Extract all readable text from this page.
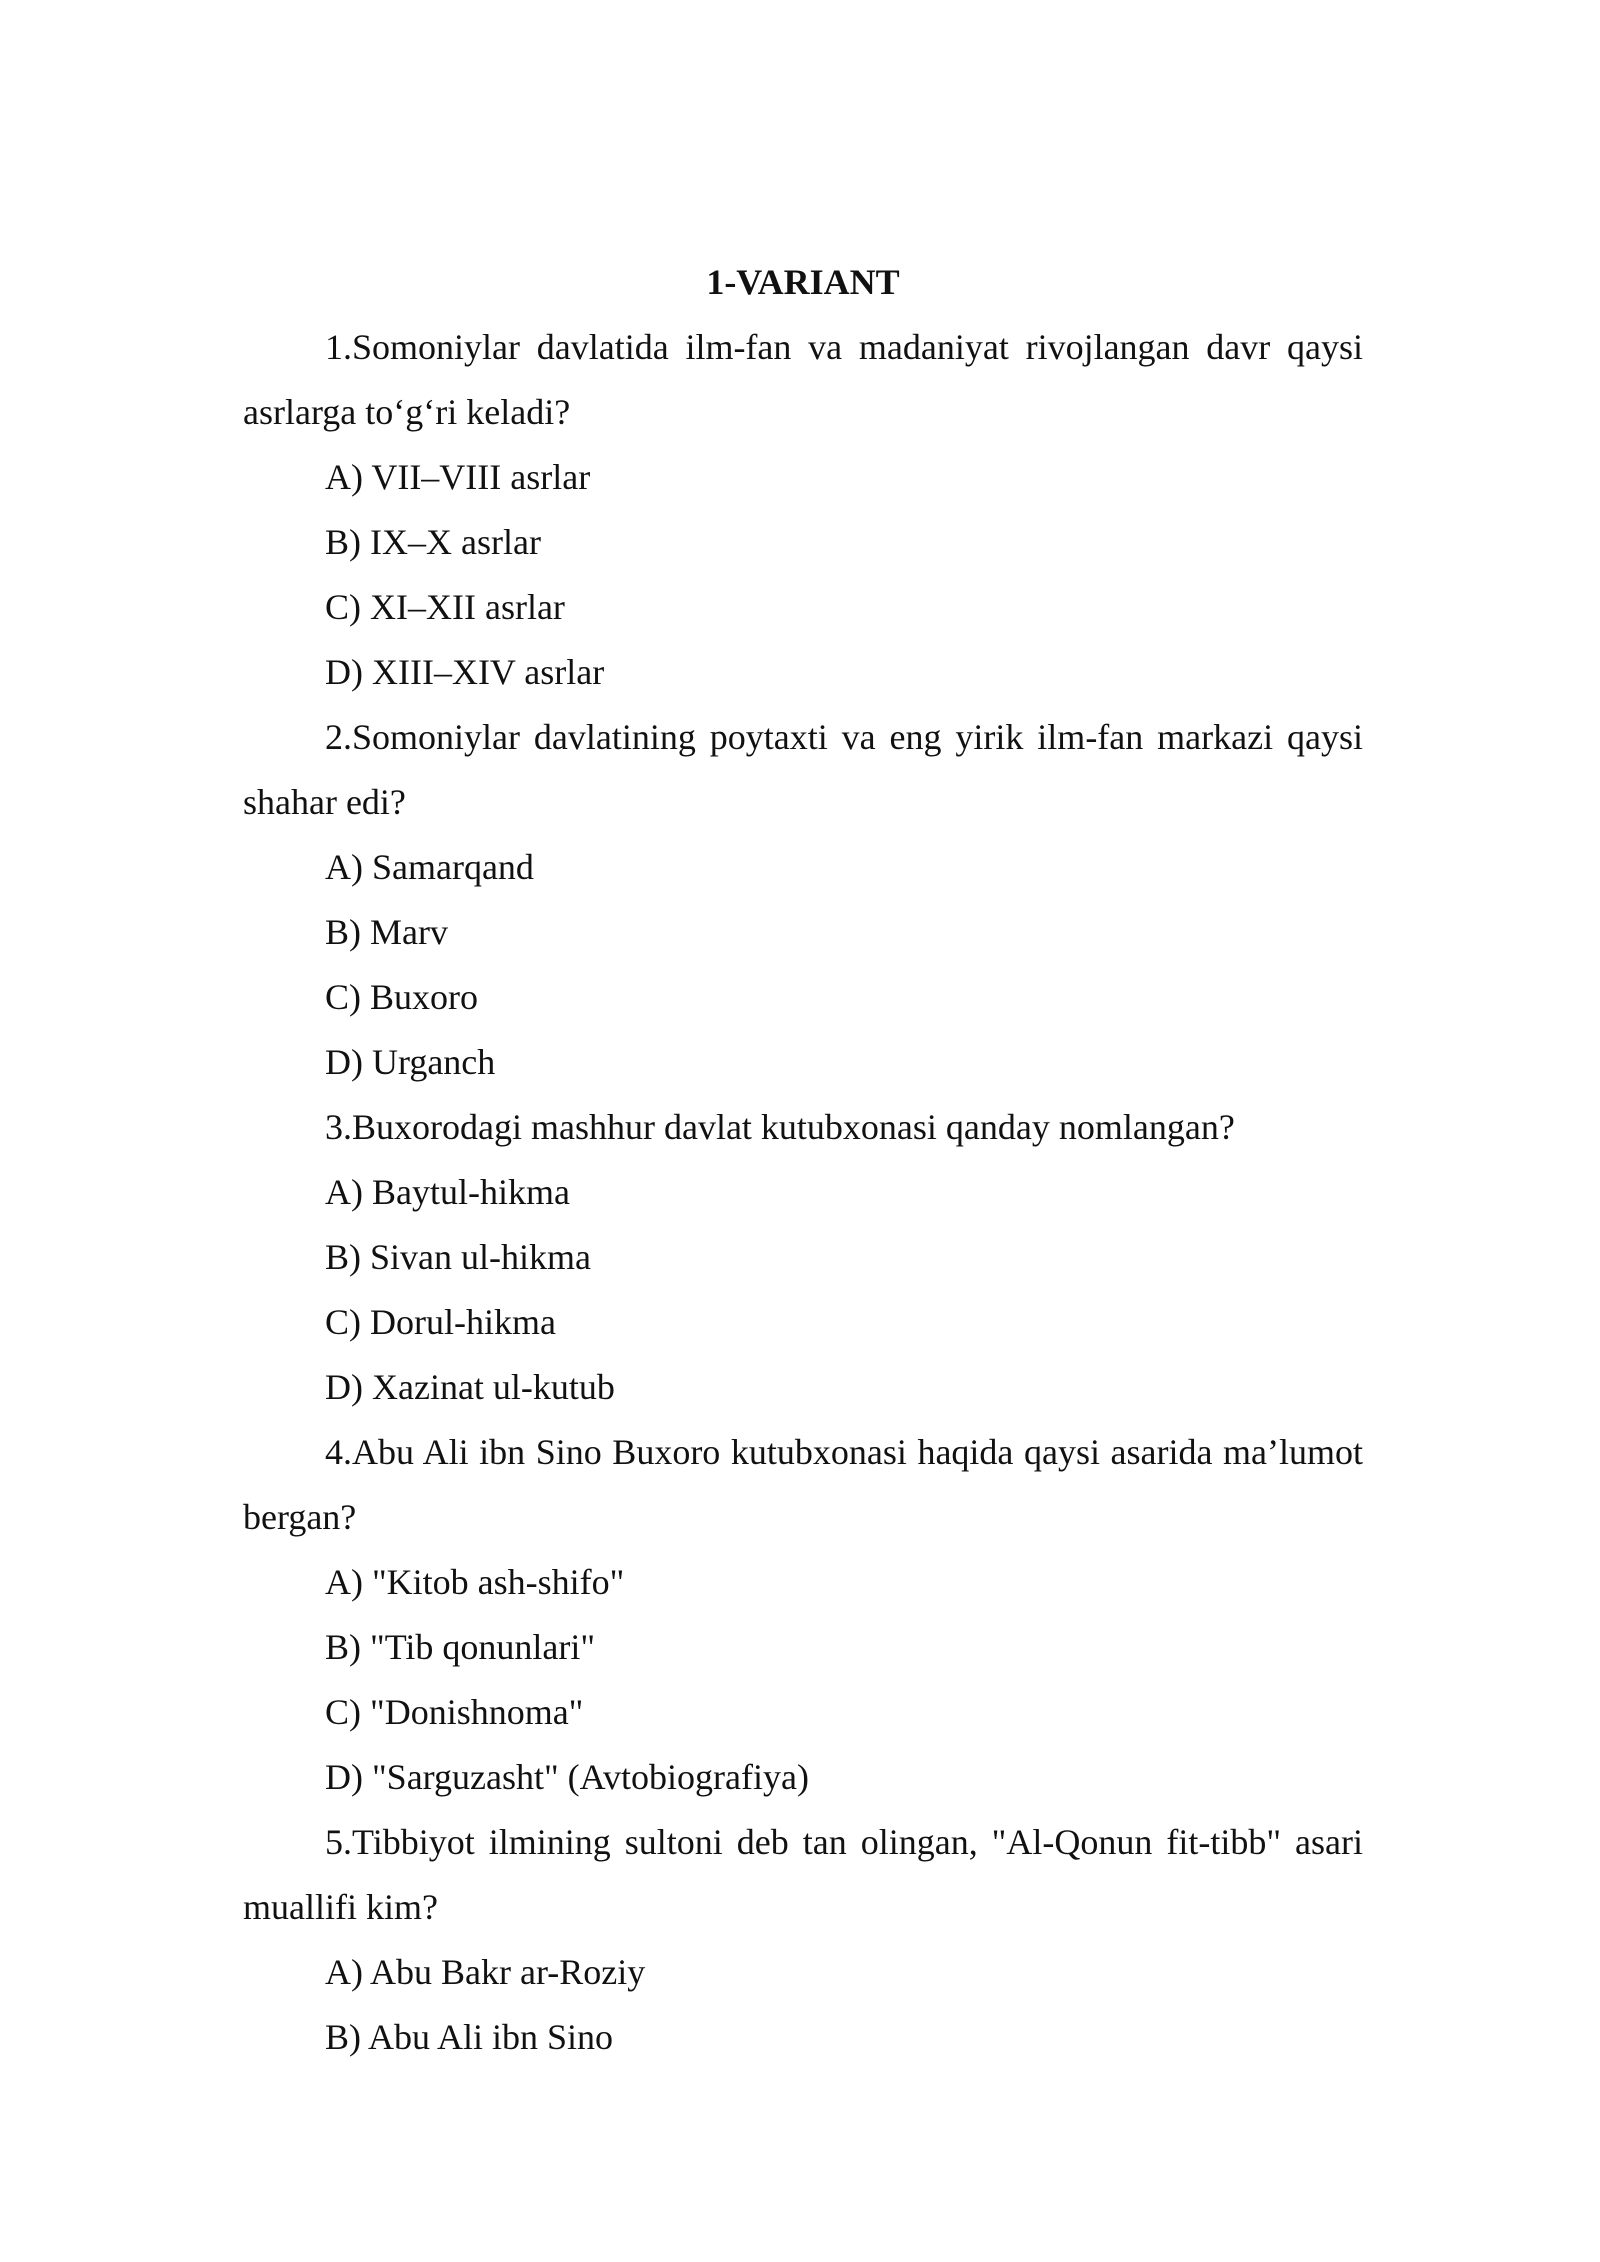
1-VARIANT

1.Somoniylar davlatida ilm-fan va madaniyat rivojlangan davr qaysi asrlarga to‘g‘ri keladi?

A) VII–VIII asrlar
B) IX–X asrlar
C) XI–XII asrlar
D) XIII–XIV asrlar

2.Somoniylar davlatining poytaxti va eng yirik ilm-fan markazi qaysi shahar edi?

A) Samarqand
B) Marv
C) Buxoro
D) Urganch

3.Buxorodagi mashhur davlat kutubxonasi qanday nomlangan?

A) Baytul-hikma
B) Sivan ul-hikma
C) Dorul-hikma
D) Xazinat ul-kutub

4.Abu Ali ibn Sino Buxoro kutubxonasi haqida qaysi asarida ma’lumot bergan?

A) "Kitob ash-shifo"
B) "Tib qonunlari"
C) "Donishnoma"
D) "Sarguzasht" (Avtobiografiya)

5.Tibbiyot ilmining sultoni deb tan olingan, "Al-Qonun fit-tibb" asari muallifi kim?

A) Abu Bakr ar-Roziy
B) Abu Ali ibn Sino
